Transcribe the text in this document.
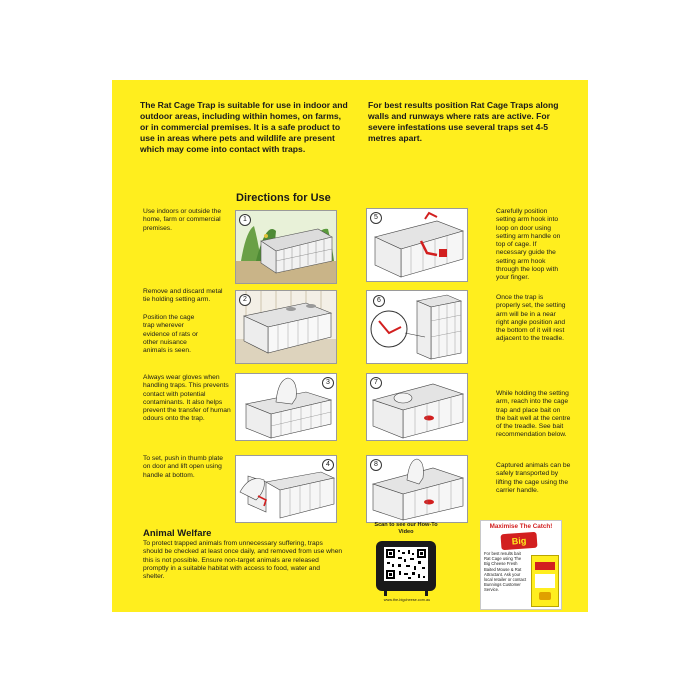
The Rat Cage Trap is suitable for use in indoor and outdoor areas, including within homes, on farms, or in commercial premises. It is a safe product to use in areas where pets and wildlife are present which may come into contact with traps.
For best results position Rat Cage Traps along walls and runways where rats are active. For severe infestations use several traps set 4-5 metres apart.
Directions for Use
Use indoors or outside the home, farm or commercial premises.
Remove and discard metal tie holding setting arm.
Position the cage trap wherever evidence of rats or other nuisance animals is seen.
Always wear gloves when handling traps. This prevents contact with potential contaminants. It also helps prevent the transfer of human odours onto the trap.
To set, push in thumb plate on door and lift open using handle at bottom.
Carefully position setting arm hook into loop on door using setting arm handle on top of cage. If necessary guide the setting arm hook through the loop with your finger.
Once the trap is properly set, the setting arm will be in a near right angle position and the bottom of it will rest adjacent to the treadle.
While holding the setting arm, reach into the cage trap and place bait on the bait well at the centre of the treadle. See bait recommendation below.
Captured animals can be safely transported by lifting the cage using the carrier handle.
1
2
3
4
5
6
7
8
Animal Welfare
To protect trapped animals from unnecessary suffering, traps should be checked at least once daily, and removed from use when this is not possible. Ensure non-target animals are released promptly in a suitable habitat with access to food, water and shelter.
Scan to see our How-To Video
www.the-bigcheese.com.au
Maximise The Catch!
Big
For best results bait Rat Cage using The Big Cheese Fresh Baited Mouse & Rat Attractant. Ask your local retailer or contact Bunnings Customer Service.
